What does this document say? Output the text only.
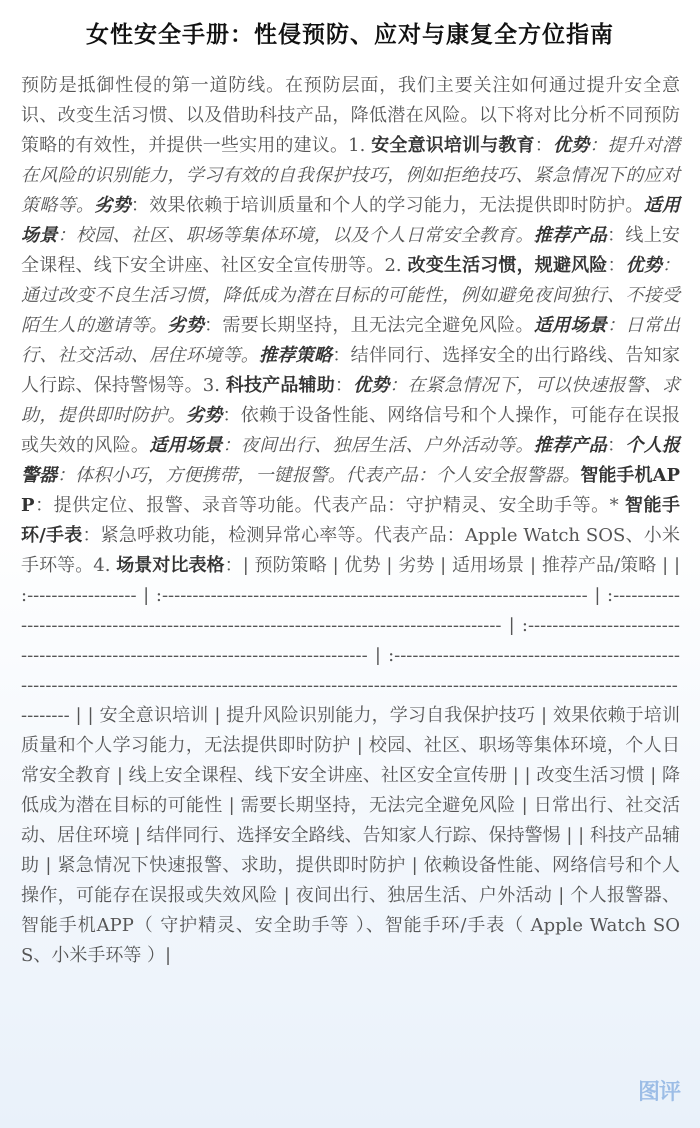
女性安全手册：性侵预防、应对与康复全方位指南
预防是抵御性侵的第一道防线。在预防层面，我们主要关注如何通过提升安全意识、改变生活习惯、以及借助科技产品，降低潜在风险。以下将对比分析不同预防策略的有效性，并提供一些实用的建议。1. 安全意识培训与教育：优势：提升对潜在风险的识别能力，学习有效的自我保护技巧，例如拒绝技巧、紧急情况下的应对策略等。劣势：效果依赖于培训质量和个人的学习能力，无法提供即时防护。适用场景：校园、社区、职场等集体环境，以及个人日常安全教育。推荐产品：线上安全课程、线下安全讲座、社区安全宣传册等。2. 改变生活习惯，规避风险：优势：通过改变不良生活习惯，降低成为潜在目标的可能性，例如避免夜间独行、不接受陌生人的邀请等。劣势：需要长期坚持，且无法完全避免风险。适用场景：日常出行、社交活动、居住环境等。推荐策略：结伴同行、选择安全的出行路线、告知家人行踪、保持警惕等。3. 科技产品辅助：优势：在紧急情况下，可以快速报警、求助，提供即时防护。劣势：依赖于设备性能、网络信号和个人操作，可能存在误报或失效的风险。适用场景：夜间出行、独居生活、户外活动等。推荐产品：个人报警器：体积小巧，方便携带，一键报警。代表产品：个人安全报警器。智能手机APP：提供定位、报警、录音等功能。代表产品：守护精灵、安全助手等。* 智能手环/手表：紧急呼救功能，检测异常心率等。代表产品：Apple Watch SOS、小米手环等。4. 场景对比表格：| 预防策略 | 优势 | 劣势 | 适用场景 | 推荐产品/策略 | | :------------------ | :---------------------------------------------------------------------- | :------------------------------------------------------------------------------------------ | :---------------------------------------------------------------------------------- | :------------------------------------------------------------------------------------------------------------------------------------------------------------------- | | 安全意识培训 | 提升风险识别能力，学习自我保护技巧 | 效果依赖于培训质量和个人学习能力，无法提供即时防护 | 校园、社区、职场等集体环境，个人日常安全教育 | 线上安全课程、线下安全讲座、社区安全宣传册 | | 改变生活习惯 | 降低成为潜在目标的可能性 | 需要长期坚持，无法完全避免风险 | 日常出行、社交活动、居住环境 | 结伴同行、选择安全路线、告知家人行踪、保持警惕 | | 科技产品辅助 | 紧急情况下快速报警、求助，提供即时防护 | 依赖设备性能、网络信号和个人操作，可能存在误报或失效风险 | 夜间出行、独居生活、户外活动 | 个人报警器、智能手机APP（ 守护精灵、安全助手等 ）、智能手环/手表（ Apple Watch SOS、小米手环等 ）|
图评
